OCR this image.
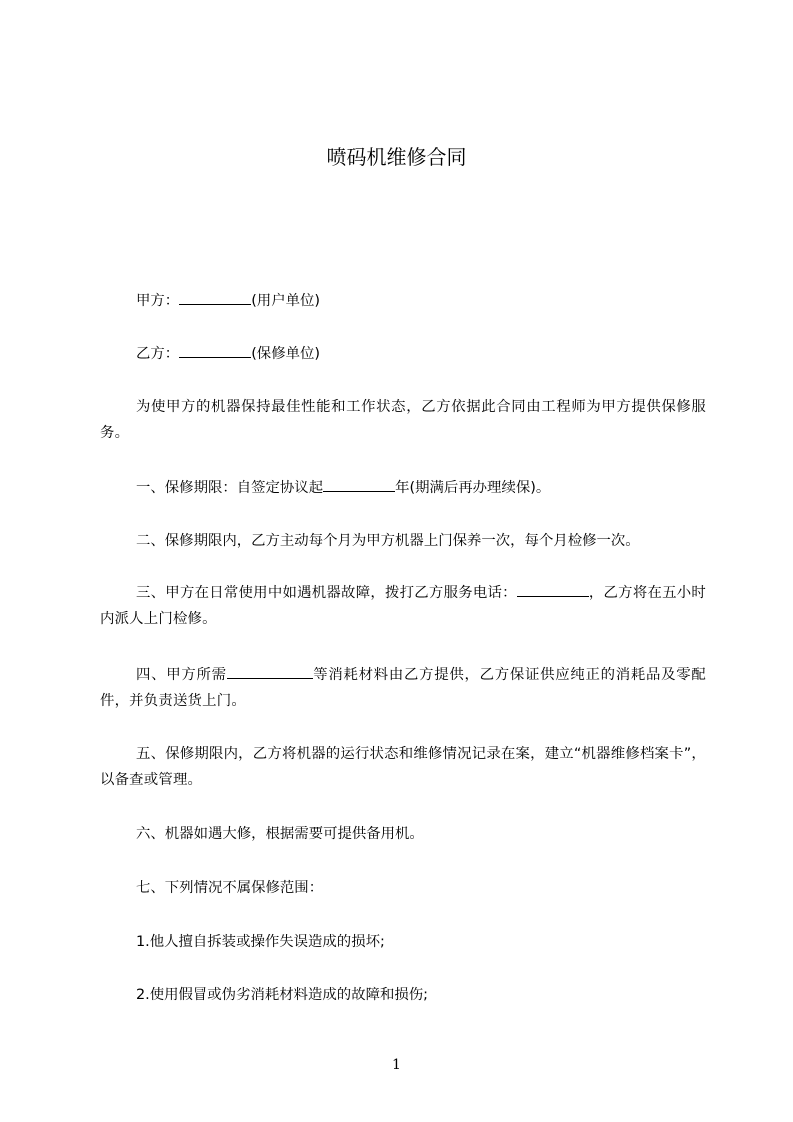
喷码机维修合同

甲方：	(用户单位)

乙方：	(保修单位)

为使甲方的机器保持最佳性能和工作状态，乙方依据此合同由工程师为甲方提供保修服务。

一、保修期限：自签定协议起	年(期满后再办理续保)。

二、保修期限内，乙方主动每个月为甲方机器上门保养一次，每个月检修一次。

三、甲方在日常使用中如遇机器故障，拨打乙方服务电话：	，乙方将在五小时内派人上门检修。

四、甲方所需	等消耗材料由乙方提供，乙方保证供应纯正的消耗品及零配件，并负责送货上门。

五、保修期限内，乙方将机器的运行状态和维修情况记录在案，建立“机器维修档案卡”，以备查或管理。

六、机器如遇大修，根据需要可提供备用机。

七、下列情况不属保修范围：

1.他人擅自拆装或操作失误造成的损坏;

2.使用假冒或伪劣消耗材料造成的故障和损伤;

1
